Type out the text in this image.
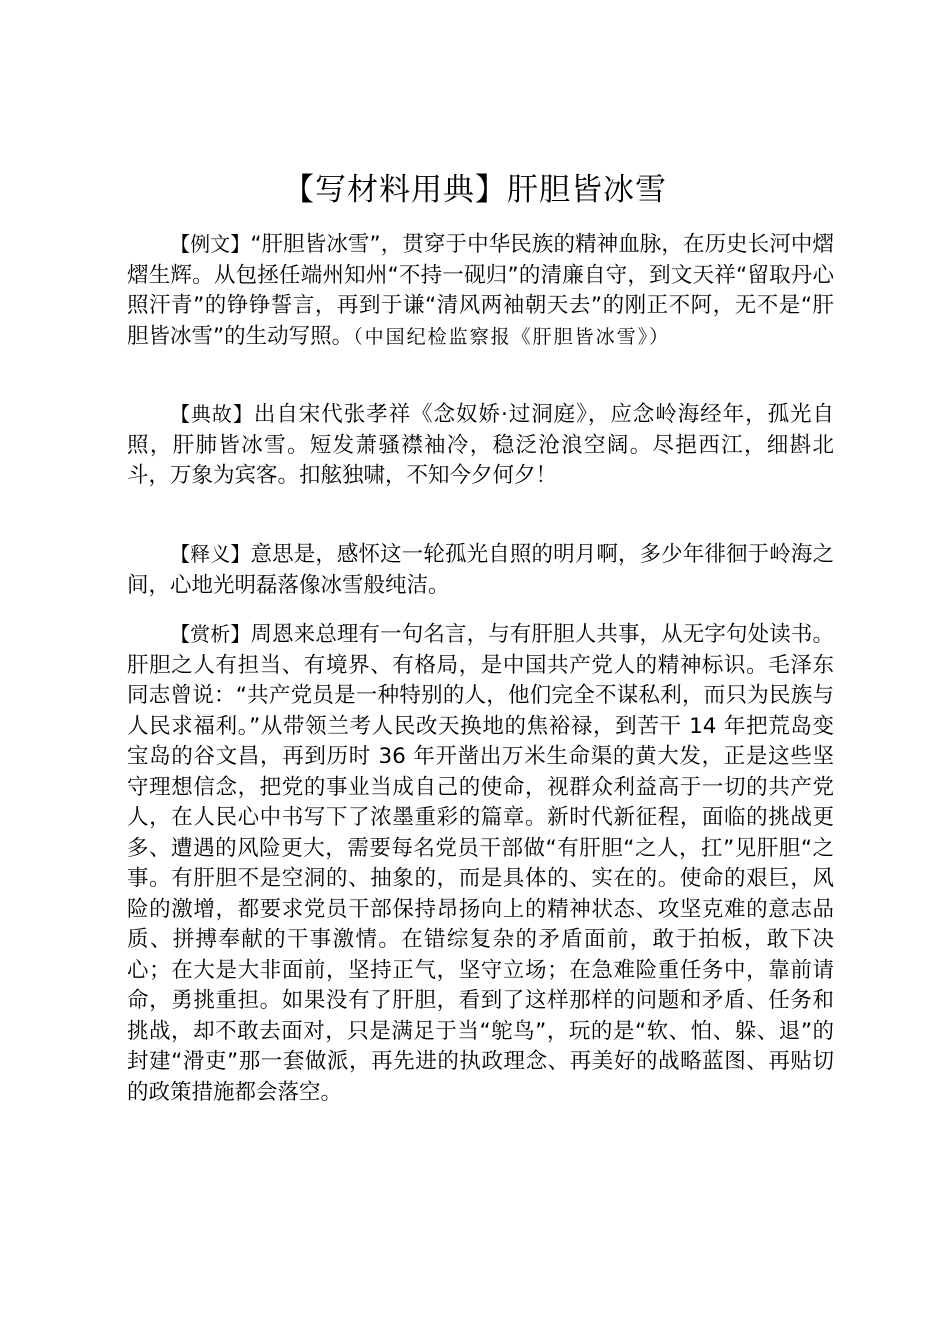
【写材料用典】肝胆皆冰雪

【例文】“肝胆皆冰雪”，贯穿于中华民族的精神血脉，在历史长河中熠熠生辉。从包拯任端州知州“不持一砚归”的清廉自守，到文天祥“留取丹心照汗青”的铮铮誓言，再到于谦“清风两袖朝天去”的刚正不阿，无不是“肝胆皆冰雪”的生动写照。（中国纪检监察报《肝胆皆冰雪》）

【典故】出自宋代张孝祥《念奴娇·过洞庭》，应念岭海经年，孤光自照，肝肺皆冰雪。短发萧骚襟袖冷，稳泛沧浪空阔。尽挹西江，细斟北斗，万象为宾客。扣舷独啸，不知今夕何夕！

【释义】意思是，感怀这一轮孤光自照的明月啊，多少年徘徊于岭海之间，心地光明磊落像冰雪般纯洁。

【赏析】周恩来总理有一句名言，与有肝胆人共事，从无字句处读书。肝胆之人有担当、有境界、有格局，是中国共产党人的精神标识。毛泽东同志曾说：“共产党员是一种特别的人，他们完全不谋私利，而只为民族与人民求福利。”从带领兰考人民改天换地的焦裕禄，到苦干 14 年把荒岛变宝岛的谷文昌，再到历时 36 年开凿出万米生命渠的黄大发，正是这些坚守理想信念，把党的事业当成自己的使命，视群众利益高于一切的共产党人，在人民心中书写下了浓墨重彩的篇章。新时代新征程，面临的挑战更多、遭遇的风险更大，需要每名党员干部做“有肝胆“之人，扛”见肝胆“之事。有肝胆不是空洞的、抽象的，而是具体的、实在的。使命的艰巨，风险的激增，都要求党员干部保持昂扬向上的精神状态、攻坚克难的意志品质、拼搏奉献的干事激情。在错综复杂的矛盾面前，敢于拍板，敢下决心；在大是大非面前，坚持正气，坚守立场；在急难险重任务中，靠前请命，勇挑重担。如果没有了肝胆，看到了这样那样的问题和矛盾、任务和挑战，却不敢去面对，只是满足于当“鸵鸟”，玩的是“软、怕、躲、退”的封建“滑吏”那一套做派，再先进的执政理念、再美好的战略蓝图、再贴切的政策措施都会落空。
